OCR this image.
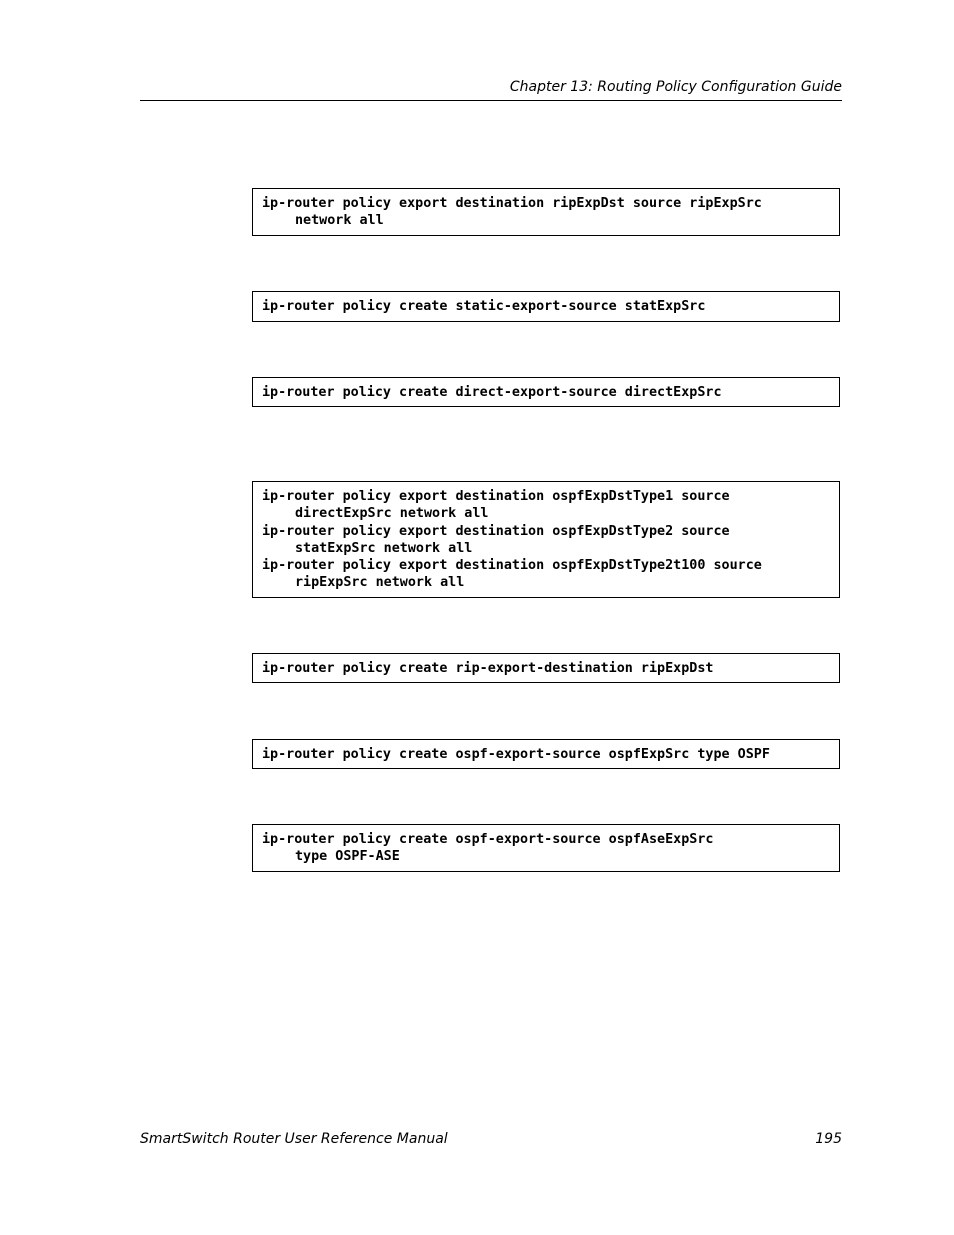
Chapter 13: Routing Policy Configuration Guide
ip-router policy export destination ripExpDst source ripExpSrc
network all
ip-router policy create static-export-source statExpSrc
ip-router policy create direct-export-source directExpSrc
ip-router policy export destination ospfExpDstType1 source
directExpSrc network all
ip-router policy export destination ospfExpDstType2 source
statExpSrc network all
ip-router policy export destination ospfExpDstType2t100 source
ripExpSrc network all
ip-router policy create rip-export-destination ripExpDst
ip-router policy create ospf-export-source ospfExpSrc type OSPF
ip-router policy create ospf-export-source ospfAseExpSrc
type OSPF-ASE
SmartSwitch Router User Reference Manual	195
